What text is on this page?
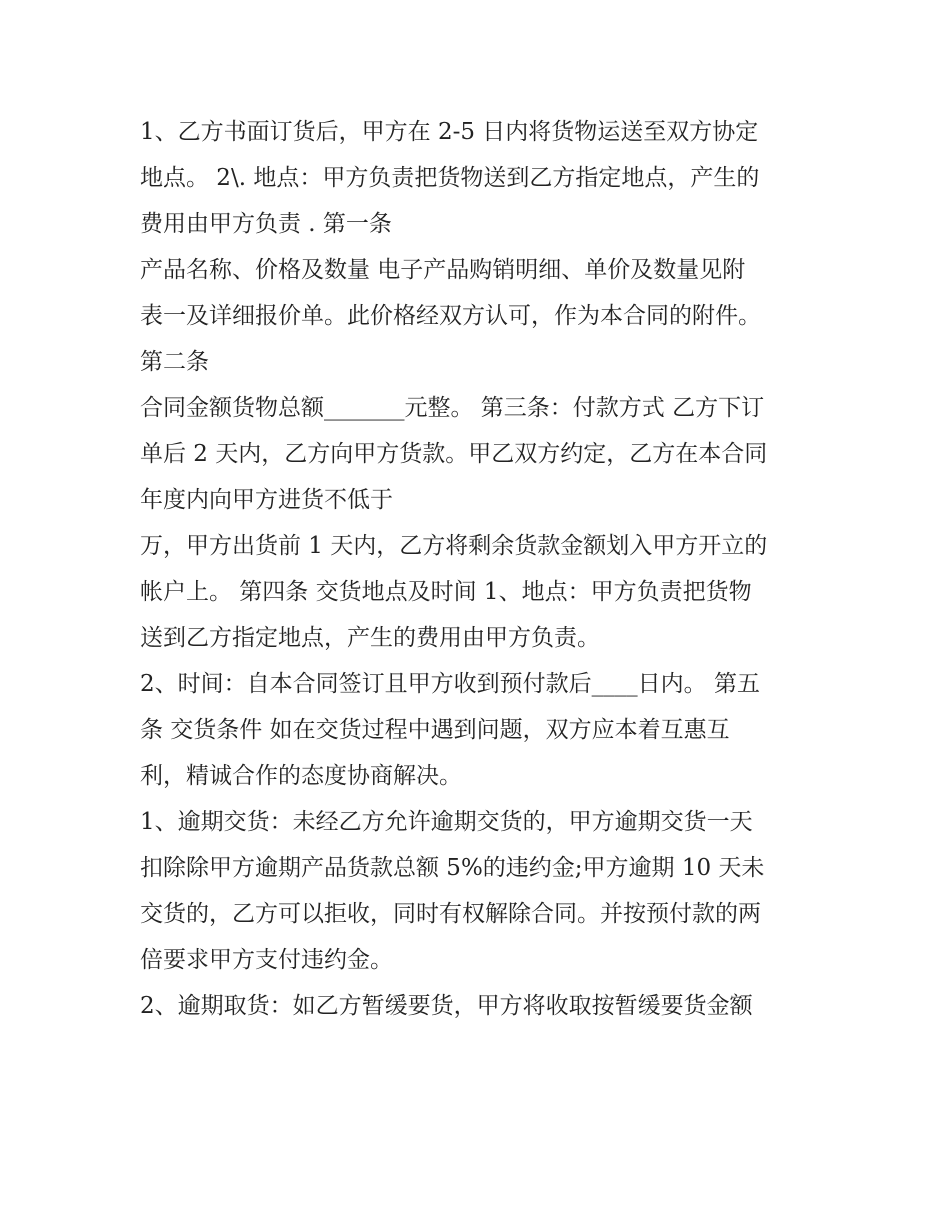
1、乙方书面订货后，甲方在 2-5 日内将货物运送至双方协定
地点。 2\. 地点：甲方负责把货物送到乙方指定地点，产生的
费用由甲方负责 . 第一条
产品名称、价格及数量 电子产品购销明细、单价及数量见附
表一及详细报价单。此价格经双方认可，作为本合同的附件。
第二条
合同金额货物总额_______元整。 第三条：付款方式 乙方下订
单后 2 天内，乙方向甲方货款。甲乙双方约定，乙方在本合同
年度内向甲方进货不低于
万，甲方出货前 1 天内，乙方将剩余货款金额划入甲方开立的
帐户上。 第四条 交货地点及时间 1、地点：甲方负责把货物
送到乙方指定地点，产生的费用由甲方负责。
2、时间：自本合同签订且甲方收到预付款后____日内。 第五
条 交货条件 如在交货过程中遇到问题，双方应本着互惠互
利，精诚合作的态度协商解决。
1、逾期交货：未经乙方允许逾期交货的，甲方逾期交货一天
扣除除甲方逾期产品货款总额 5%的违约金;甲方逾期 10 天未
交货的，乙方可以拒收，同时有权解除合同。并按预付款的两
倍要求甲方支付违约金。
2、逾期取货：如乙方暂缓要货，甲方将收取按暂缓要货金额
